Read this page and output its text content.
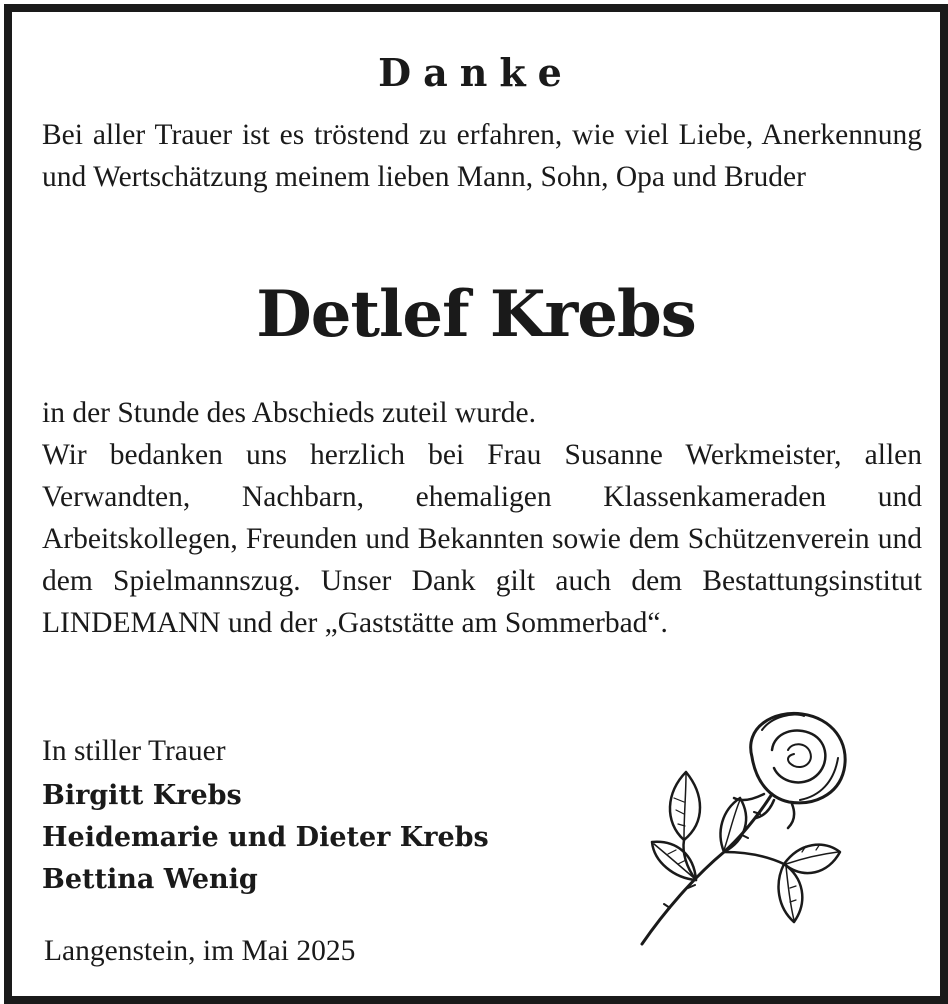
Danke
Bei aller Trauer ist es tröstend zu erfahren, wie viel Liebe, Anerkennung und Wertschätzung meinem lieben Mann, Sohn, Opa und Bruder
Detlef Krebs
in der Stunde des Abschieds zuteil wurde.
Wir bedanken uns herzlich bei Frau Susanne Werkmeister, allen Verwandten, Nachbarn, ehemaligen Klassenkameraden und Arbeitskollegen, Freunden und Bekannten sowie dem Schützenverein und dem Spielmannszug. Unser Dank gilt auch dem Bestattungsinstitut LINDEMANN und der „Gaststätte am Sommerbad“.
In stiller Trauer
Birgitt Krebs
Heidemarie und Dieter Krebs
Bettina Wenig
Langenstein, im Mai 2025
